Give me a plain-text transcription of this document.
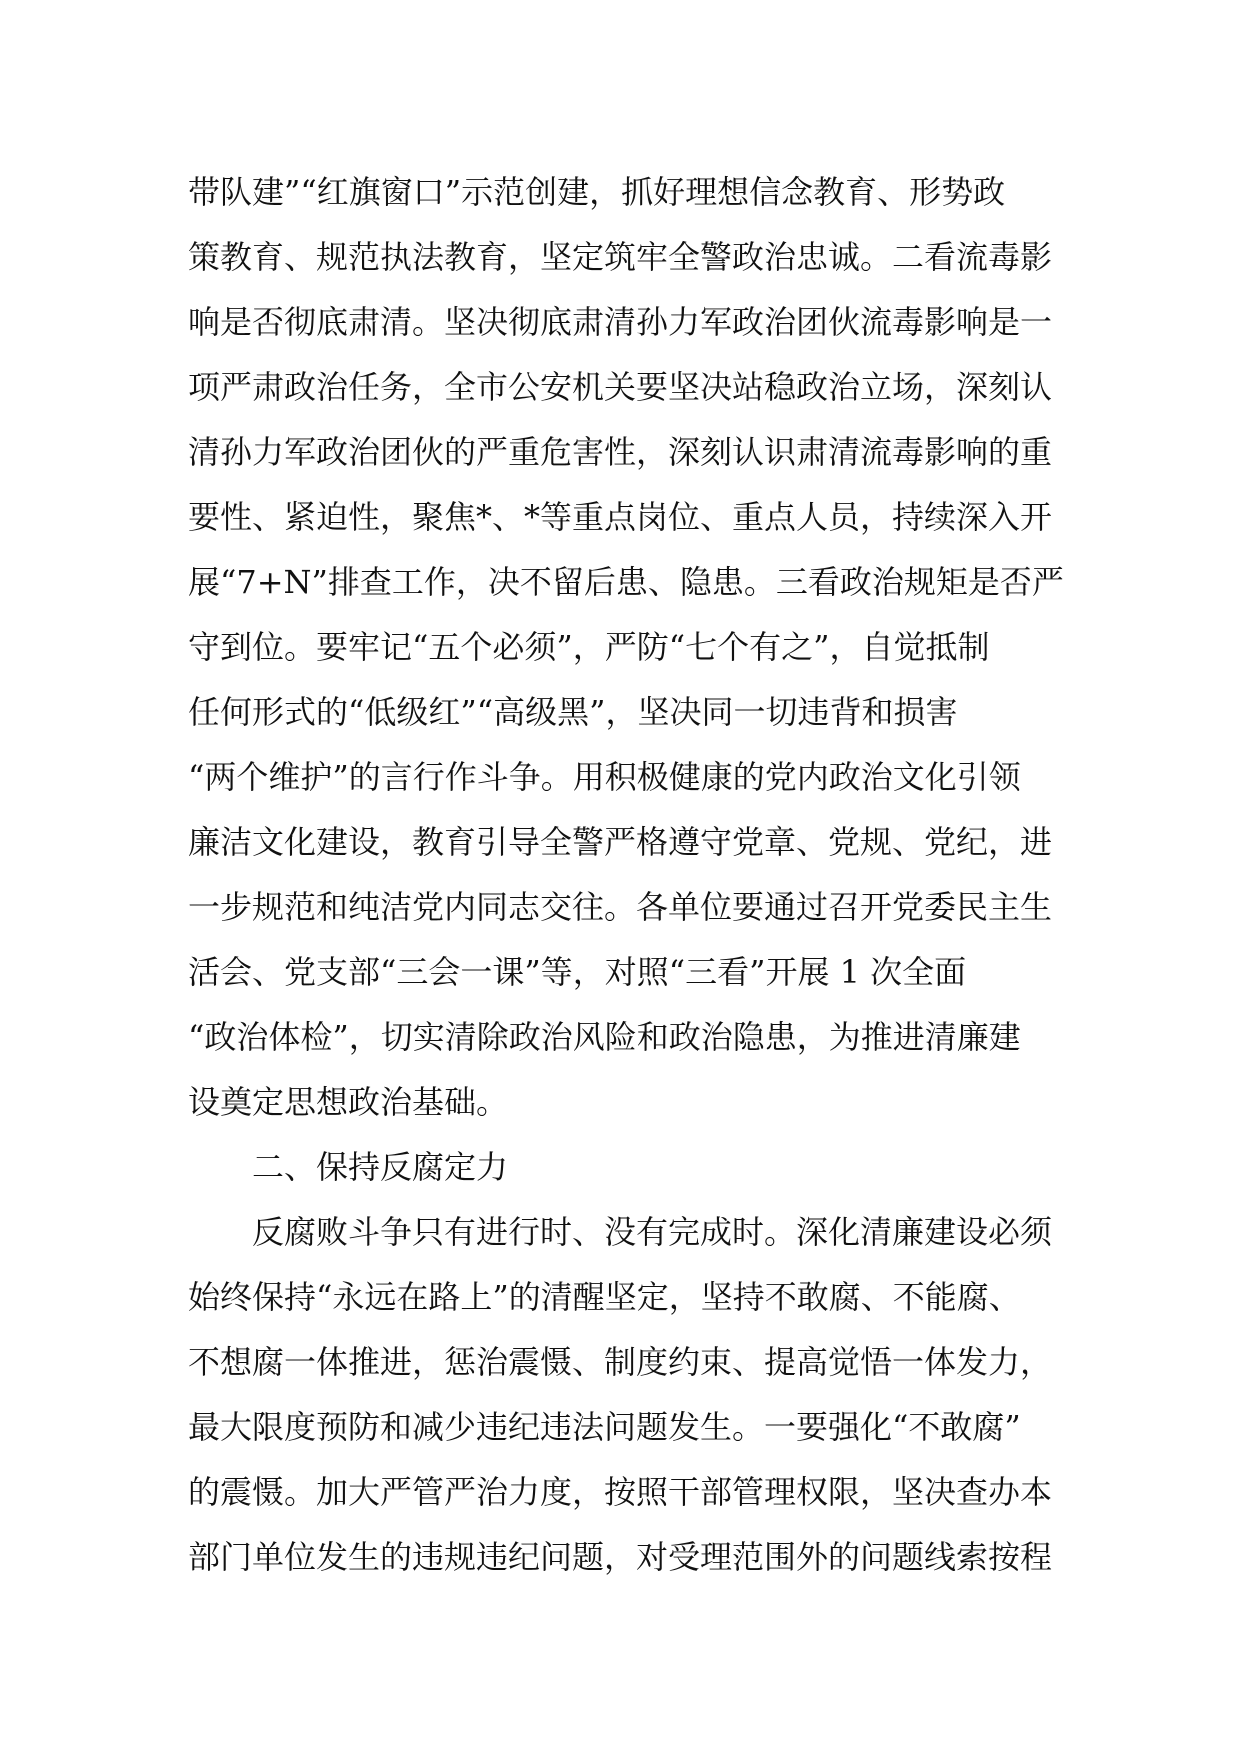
带队建”“红旗窗口”示范创建，抓好理想信念教育、形势政
策教育、规范执法教育，坚定筑牢全警政治忠诚。二看流毒影
响是否彻底肃清。坚决彻底肃清孙力军政治团伙流毒影响是一
项严肃政治任务，全市公安机关要坚决站稳政治立场，深刻认
清孙力军政治团伙的严重危害性，深刻认识肃清流毒影响的重
要性、紧迫性，聚焦*、*等重点岗位、重点人员，持续深入开
展“7+N”排查工作，决不留后患、隐患。三看政治规矩是否严
守到位。要牢记“五个必须”，严防“七个有之”，自觉抵制
任何形式的“低级红”“高级黑”，坚决同一切违背和损害
“两个维护”的言行作斗争。用积极健康的党内政治文化引领
廉洁文化建设，教育引导全警严格遵守党章、党规、党纪，进
一步规范和纯洁党内同志交往。各单位要通过召开党委民主生
活会、党支部“三会一课”等，对照“三看”开展 1 次全面
“政治体检”，切实清除政治风险和政治隐患，为推进清廉建
设奠定思想政治基础。
二、保持反腐定力
反腐败斗争只有进行时、没有完成时。深化清廉建设必须
始终保持“永远在路上”的清醒坚定，坚持不敢腐、不能腐、
不想腐一体推进，惩治震慑、制度约束、提高觉悟一体发力，
最大限度预防和减少违纪违法问题发生。一要强化“不敢腐”
的震慑。加大严管严治力度，按照干部管理权限，坚决查办本
部门单位发生的违规违纪问题，对受理范围外的问题线索按程
